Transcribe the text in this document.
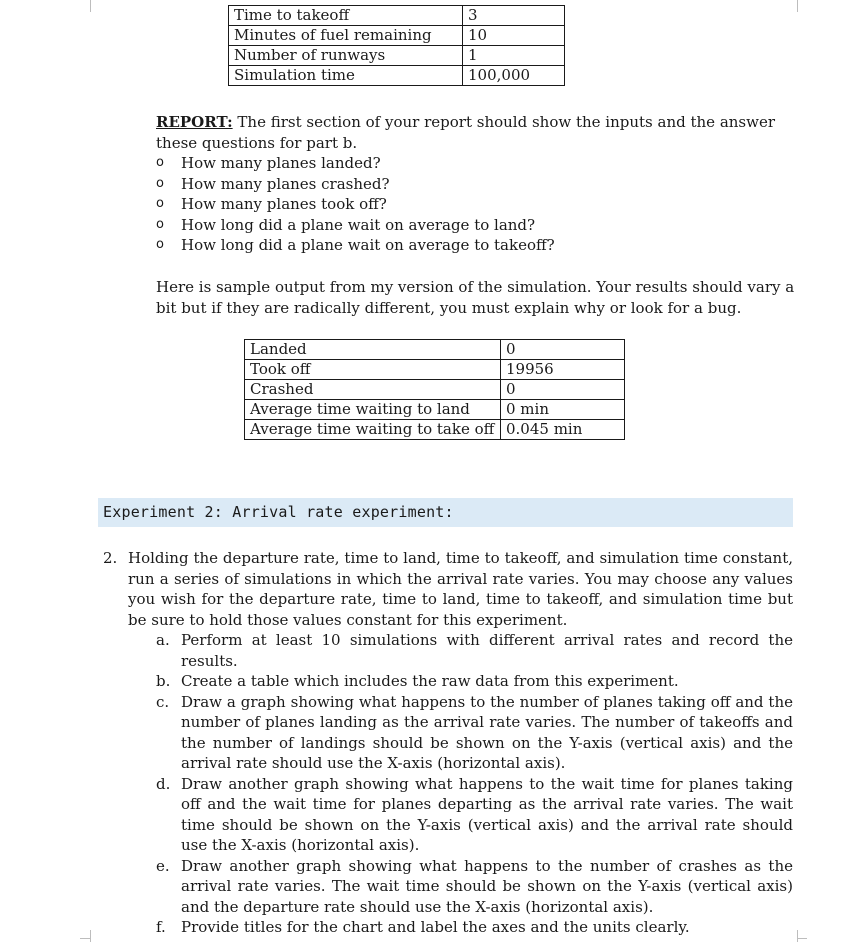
Time to takeoff	3
Minutes of fuel remaining	10
Number of runways	1
Simulation time	100,000
REPORT: The first section of your report should show the inputs and the answer these questions for part b.
o How many planes landed?
o How many planes crashed?
o How many planes took off?
o How long did a plane wait on average to land?
o How long did a plane wait on average to takeoff?
Here is sample output from my version of the simulation. Your results should vary a bit but if they are radically different, you must explain why or look for a bug.
Landed	0
Took off	19956
Crashed	0
Average time waiting to land	0 min
Average time waiting to take off	0.045 min
Experiment 2: Arrival rate experiment:
2. Holding the departure rate, time to land, time to takeoff, and simulation time constant, run a series of simulations in which the arrival rate varies. You may choose any values you wish for the departure rate, time to land, time to takeoff, and simulation time but be sure to hold those values constant for this experiment.
a. Perform at least 10 simulations with different arrival rates and record the results.
b. Create a table which includes the raw data from this experiment.
c. Draw a graph showing what happens to the number of planes taking off and the number of planes landing as the arrival rate varies. The number of takeoffs and the number of landings should be shown on the Y-axis (vertical axis) and the arrival rate should use the X-axis (horizontal axis).
d. Draw another graph showing what happens to the wait time for planes taking off and the wait time for planes departing as the arrival rate varies. The wait time should be shown on the Y-axis (vertical axis) and the arrival rate should use the X-axis (horizontal axis).
e. Draw another graph showing what happens to the number of crashes as the arrival rate varies. The wait time should be shown on the Y-axis (vertical axis) and the departure rate should use the X-axis (horizontal axis).
f. Provide titles for the chart and label the axes and the units clearly.
